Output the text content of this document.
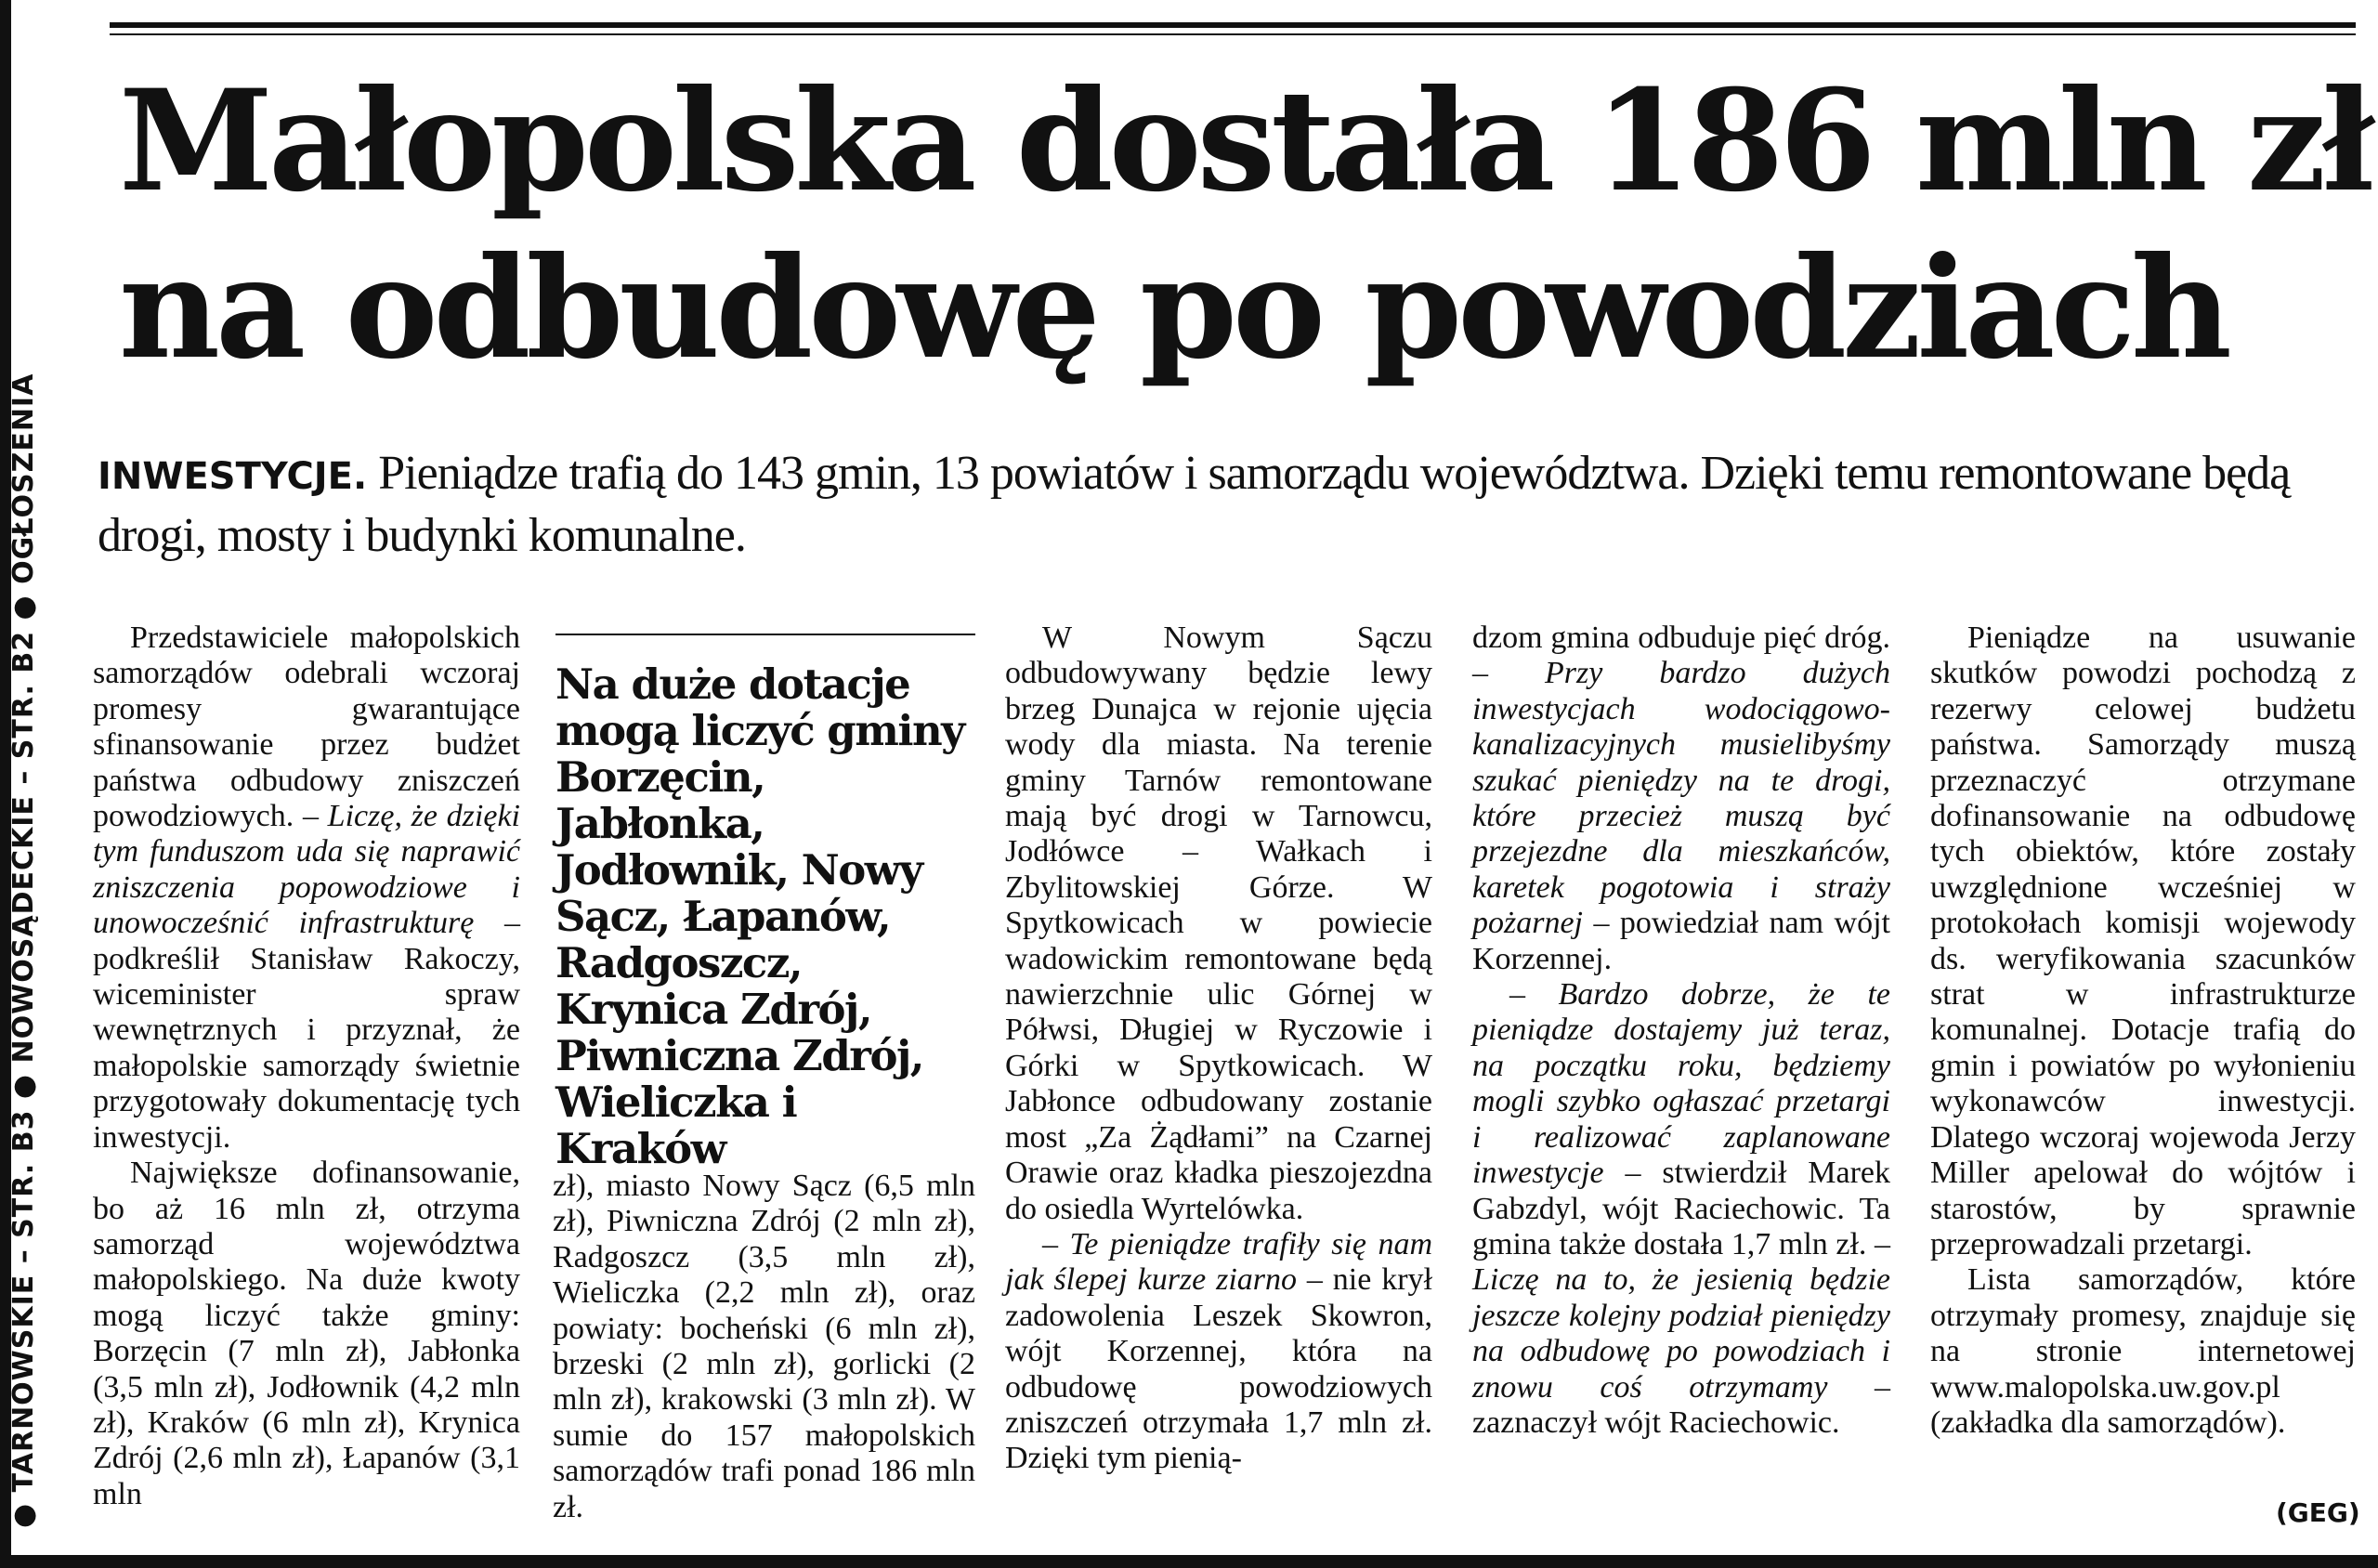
● TARNOWSKIE – STR. B3 ● NOWOSĄDECKIE – STR. B2 ● OGŁOSZENIA
Małopolska dostała 186 mln zł
na odbudowę po powodziach
INWESTYCJE. Pieniądze trafią do 143 gmin, 13 powiatów i samorządu województwa. Dzięki temu remontowane będą drogi, mosty i budynki komunalne.

Przedstawiciele małopolskich samorządów odebrali wczoraj promesy gwarantujące sfinansowanie przez budżet państwa odbudowy zniszczeń powodziowych. – Liczę, że dzięki tym funduszom uda się naprawić zniszczenia popowodziowe i unowocześnić infrastrukturę – podkreślił Stanisław Rakoczy, wiceminister spraw wewnętrznych i przyznał, że małopolskie samorządy świetnie przygotowały dokumentację tych inwestycji.

Największe dofinansowanie, bo aż 16 mln zł, otrzyma samorząd województwa małopolskiego. Na duże kwoty mogą liczyć także gminy: Borzęcin (7 mln zł), Jabłonka (3,5 mln zł), Jodłownik (4,2 mln zł), Kraków (6 mln zł), Krynica Zdrój (2,6 mln zł), Łapanów (3,1 mln

Na duże dotacje mogą liczyć gminy Borzęcin, Jabłonka, Jodłownik, Nowy Sącz, Łapanów, Radgoszcz, Krynica Zdrój, Piwniczna Zdrój, Wieliczka i Kraków

zł), miasto Nowy Sącz (6,5 mln zł), Piwniczna Zdrój (2 mln zł), Radgoszcz (3,5 mln zł), Wieliczka (2,2 mln zł), oraz powiaty: bocheński (6 mln zł), brzeski (2 mln zł), gorlicki (2 mln zł), krakowski (3 mln zł). W sumie do 157 małopolskich samorządów trafi ponad 186 mln zł.

W Nowym Sączu odbudowywany będzie lewy brzeg Dunajca w rejonie ujęcia wody dla miasta. Na terenie gminy Tarnów remontowane mają być drogi w Tarnowcu, Jodłówce – Wałkach i Zbylitowskiej Górze. W Spytkowicach w powiecie wadowickim remontowane będą nawierzchnie ulic Górnej w Półwsi, Długiej w Ryczowie i Górki w Spytkowicach. W Jabłonce odbudowany zostanie most „Za Żądłami” na Czarnej Orawie oraz kładka pieszojezdna do osiedla Wyrtelówka.

– Te pieniądze trafiły się nam jak ślepej kurze ziarno – nie krył zadowolenia Leszek Skowron, wójt Korzennej, która na odbudowę powodziowych zniszczeń otrzymała 1,7 mln zł. Dzięki tym pienią-

dzom gmina odbuduje pięć dróg. – Przy bardzo dużych inwestycjach wodociągowo-kanalizacyjnych musielibyśmy szukać pieniędzy na te drogi, które przecież muszą być przejezdne dla mieszkańców, karetek pogotowia i straży pożarnej – powiedział nam wójt Korzennej.

– Bardzo dobrze, że te pieniądze dostajemy już teraz, na początku roku, będziemy mogli szybko ogłaszać przetargi i realizować zaplanowane inwestycje – stwierdził Marek Gabzdyl, wójt Raciechowic. Ta gmina także dostała 1,7 mln zł. – Liczę na to, że jesienią będzie jeszcze kolejny podział pieniędzy na odbudowę po powodziach i znowu coś otrzymamy – zaznaczył wójt Raciechowic.

Pieniądze na usuwanie skutków powodzi pochodzą z rezerwy celowej budżetu państwa. Samorządy muszą przeznaczyć otrzymane dofinansowanie na odbudowę tych obiektów, które zostały uwzględnione wcześniej w protokołach komisji wojewody ds. weryfikowania szacunków strat w infrastrukturze komunalnej. Dotacje trafią do gmin i powiatów po wyłonieniu wykonawców inwestycji. Dlatego wczoraj wojewoda Jerzy Miller apelował do wójtów i starostów, by sprawnie przeprowadzali przetargi.

Lista samorządów, które otrzymały promesy, znajduje się na stronie internetowej www.malopolska.uw.gov.pl (zakładka dla samorządów).

(GEG)
